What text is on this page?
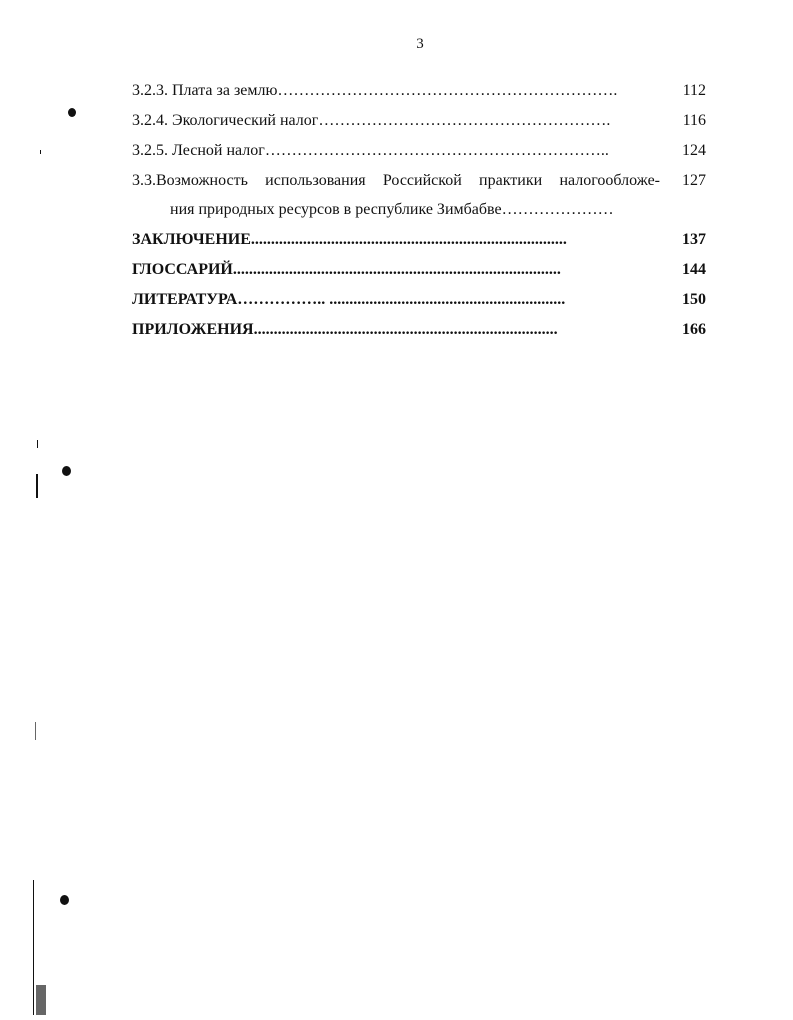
3
3.2.3. Плата за землю……………………………………………………….	112
3.2.4. Экологический налог……………………………………………….	116
3.2.5. Лесной налог………………………………………………………..	124
3.3.Возможность использования Российской практики налогообложе- 127
ния природных ресурсов в республике Зимбабве…………………
ЗАКЛЮЧЕНИЕ...............................................................................	137
ГЛОССАРИЙ..................................................................................	144
ЛИТЕРАТУРА…………….. ...........................................................	150
ПРИЛОЖЕНИЯ............................................................................	166
